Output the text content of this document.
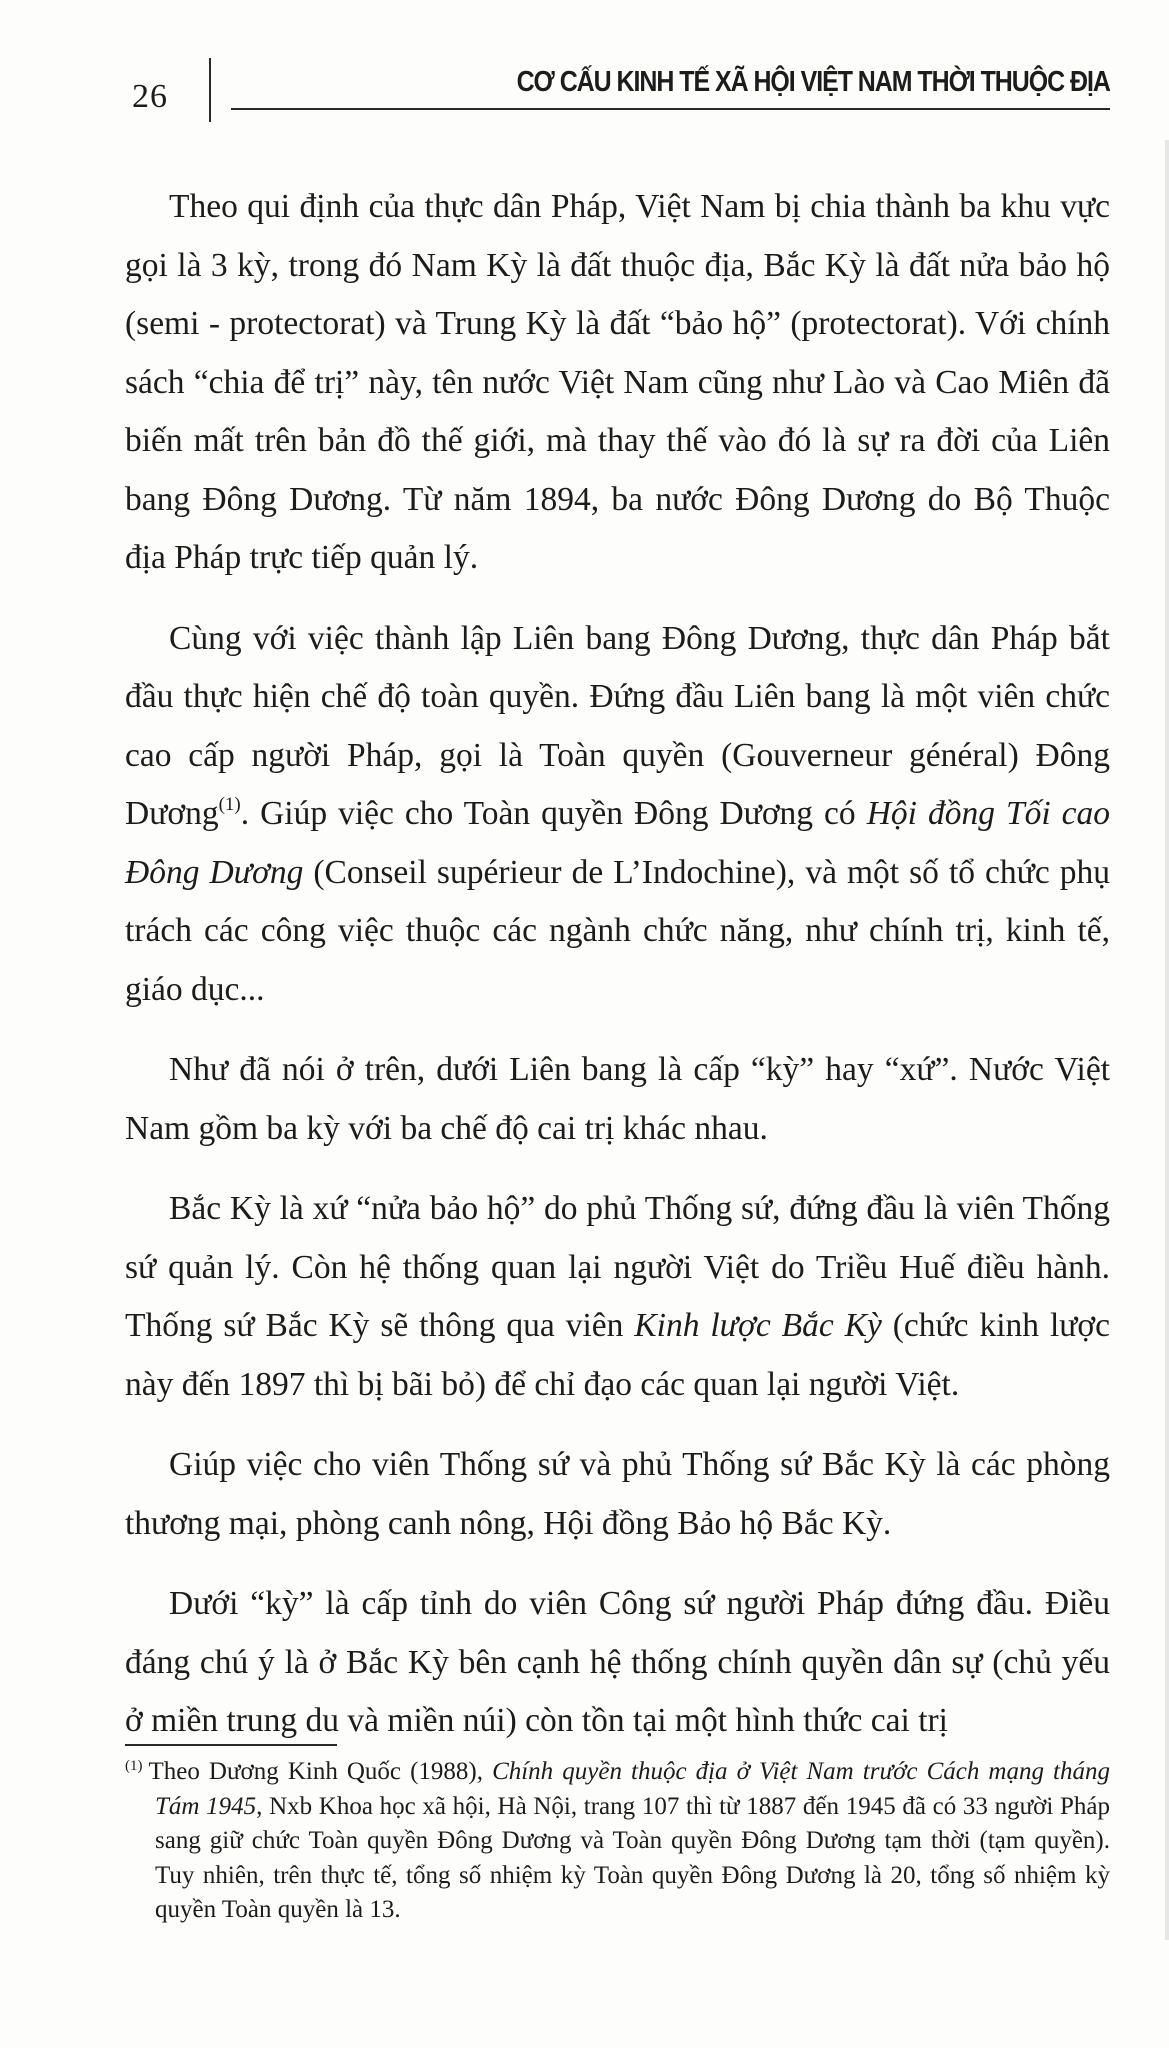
26	CƠ CẤU KINH TẾ XÃ HỘI VIỆT NAM THỜI THUỘC ĐỊA

Theo qui định của thực dân Pháp, Việt Nam bị chia thành ba khu vực gọi là 3 kỳ, trong đó Nam Kỳ là đất thuộc địa, Bắc Kỳ là đất nửa bảo hộ (semi - protectorat) và Trung Kỳ là đất “bảo hộ” (protectorat). Với chính sách “chia để trị” này, tên nước Việt Nam cũng như Lào và Cao Miên đã biến mất trên bản đồ thế giới, mà thay thế vào đó là sự ra đời của Liên bang Đông Dương. Từ năm 1894, ba nước Đông Dương do Bộ Thuộc địa Pháp trực tiếp quản lý.

Cùng với việc thành lập Liên bang Đông Dương, thực dân Pháp bắt đầu thực hiện chế độ toàn quyền. Đứng đầu Liên bang là một viên chức cao cấp người Pháp, gọi là Toàn quyền (Gouverneur général) Đông Dương$^{(1)}$. Giúp việc cho Toàn quyền Đông Dương có Hội đồng Tối cao Đông Dương (Conseil supérieur de L’Indochine), và một số tổ chức phụ trách các công việc thuộc các ngành chức năng, như chính trị, kinh tế, giáo dục...

Như đã nói ở trên, dưới Liên bang là cấp “kỳ” hay “xứ”. Nước Việt Nam gồm ba kỳ với ba chế độ cai trị khác nhau.

Bắc Kỳ là xứ “nửa bảo hộ” do phủ Thống sứ, đứng đầu là viên Thống sứ quản lý. Còn hệ thống quan lại người Việt do Triều Huế điều hành. Thống sứ Bắc Kỳ sẽ thông qua viên Kinh lược Bắc Kỳ (chức kinh lược này đến 1897 thì bị bãi bỏ) để chỉ đạo các quan lại người Việt.

Giúp việc cho viên Thống sứ và phủ Thống sứ Bắc Kỳ là các phòng thương mại, phòng canh nông, Hội đồng Bảo hộ Bắc Kỳ.

Dưới “kỳ” là cấp tỉnh do viên Công sứ người Pháp đứng đầu. Điều đáng chú ý là ở Bắc Kỳ bên cạnh hệ thống chính quyền dân sự (chủ yếu ở miền trung du và miền núi) còn tồn tại một hình thức cai trị

$^{(1)}$ Theo Dương Kinh Quốc (1988), Chính quyền thuộc địa ở Việt Nam trước Cách mạng tháng Tám 1945, Nxb Khoa học xã hội, Hà Nội, trang 107 thì từ 1887 đến 1945 đã có 33 người Pháp sang giữ chức Toàn quyền Đông Dương và Toàn quyền Đông Dương tạm thời (tạm quyền). Tuy nhiên, trên thực tế, tổng số nhiệm kỳ Toàn quyền Đông Dương là 20, tổng số nhiệm kỳ quyền Toàn quyền là 13.
